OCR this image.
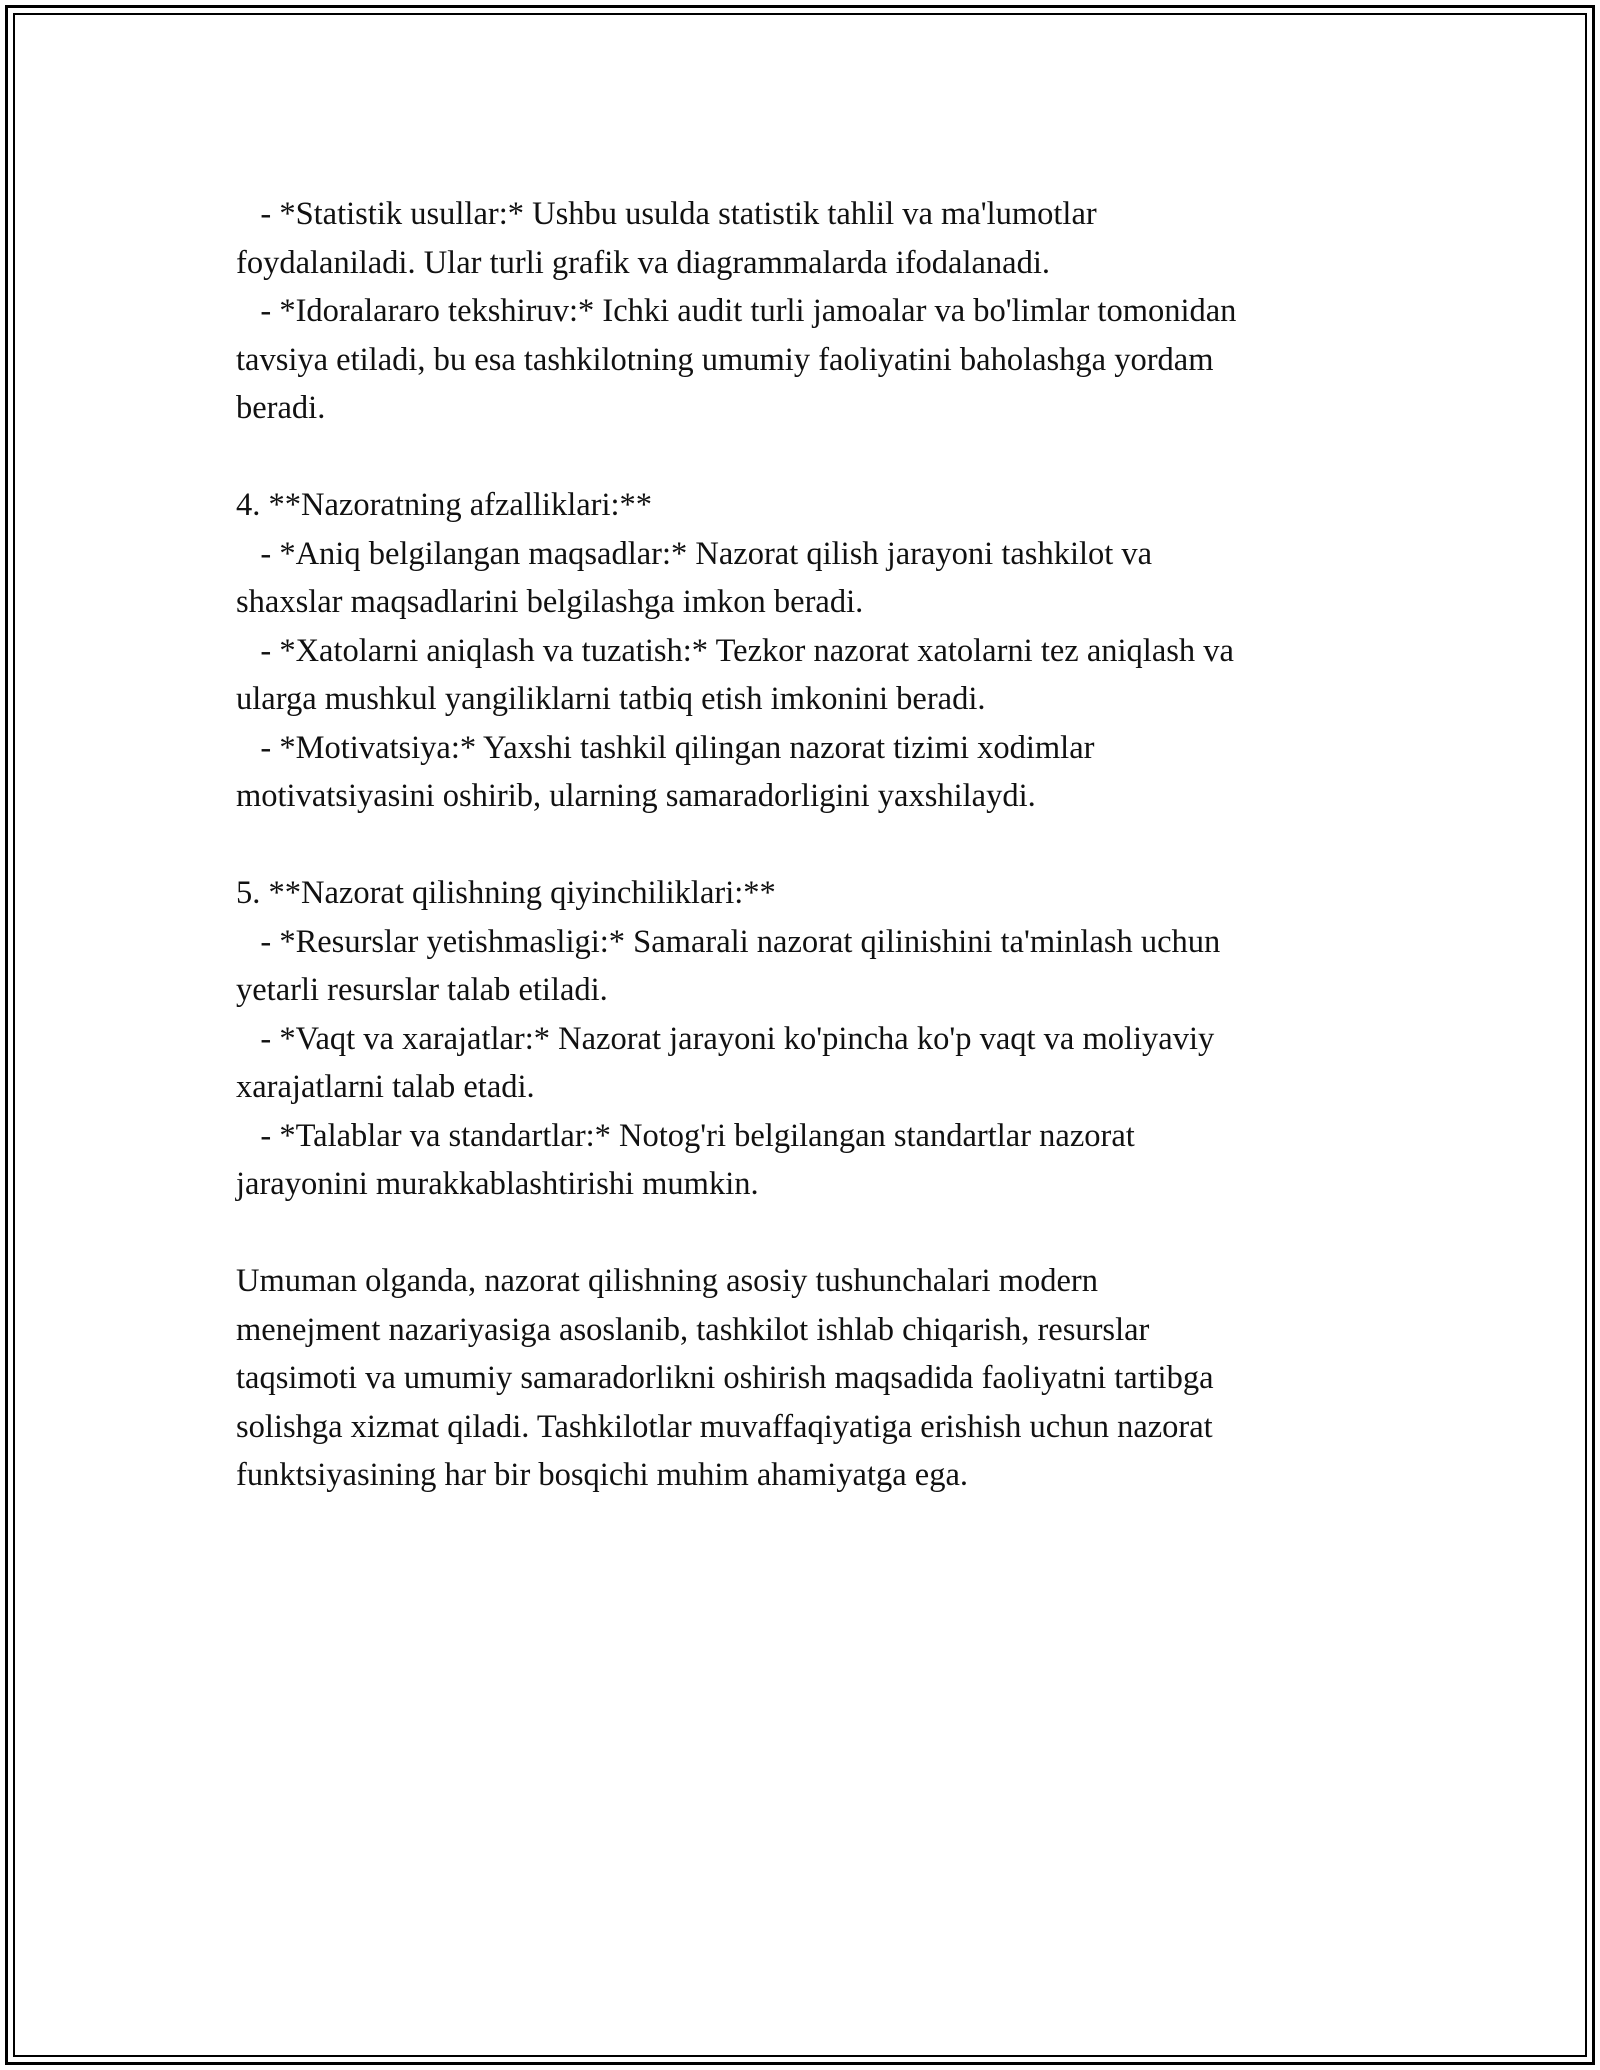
- *Statistik usullar:* Ushbu usulda statistik tahlil va ma'lumotlar
foydalaniladi. Ular turli grafik va diagrammalarda ifodalanadi.
- *Idoralararo tekshiruv:* Ichki audit turli jamoalar va bo'limlar tomonidan
tavsiya etiladi, bu esa tashkilotning umumiy faoliyatini baholashga yordam
beradi.
4. **Nazoratning afzalliklari:**
- *Aniq belgilangan maqsadlar:* Nazorat qilish jarayoni tashkilot va
shaxslar maqsadlarini belgilashga imkon beradi.
- *Xatolarni aniqlash va tuzatish:* Tezkor nazorat xatolarni tez aniqlash va
ularga mushkul yangiliklarni tatbiq etish imkonini beradi.
- *Motivatsiya:* Yaxshi tashkil qilingan nazorat tizimi xodimlar
motivatsiyasini oshirib, ularning samaradorligini yaxshilaydi.
5. **Nazorat qilishning qiyinchiliklari:**
- *Resurslar yetishmasligi:* Samarali nazorat qilinishini ta'minlash uchun
yetarli resurslar talab etiladi.
- *Vaqt va xarajatlar:* Nazorat jarayoni ko'pincha ko'p vaqt va moliyaviy
xarajatlarni talab etadi.
- *Talablar va standartlar:* Notog'ri belgilangan standartlar nazorat
jarayonini murakkablashtirishi mumkin.
Umuman olganda, nazorat qilishning asosiy tushunchalari modern
menejment nazariyasiga asoslanib, tashkilot ishlab chiqarish, resurslar
taqsimoti va umumiy samaradorlikni oshirish maqsadida faoliyatni tartibga
solishga xizmat qiladi. Tashkilotlar muvaffaqiyatiga erishish uchun nazorat
funktsiyasining har bir bosqichi muhim ahamiyatga ega.
